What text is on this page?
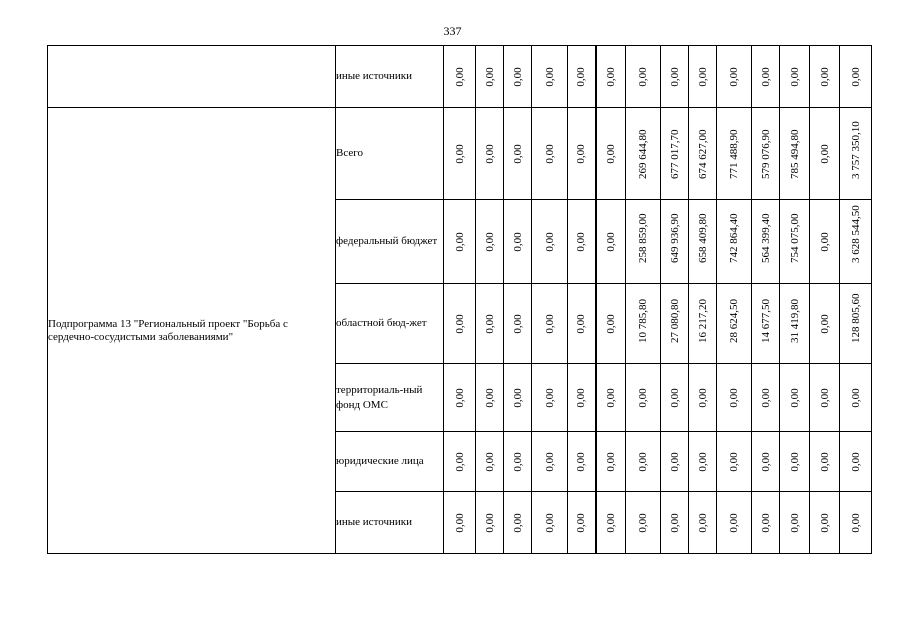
337
	иные источники	0,00	0,00	0,00	0,00	0,00	0,00	0,00	0,00	0,00	0,00	0,00	0,00	0,00	0,00

Подпрограмма 13 "Региональный проект "Борьба с сердечно-сосудистыми заболеваниями"	Всего	0,00	0,00	0,00	0,00	0,00	0,00	269 644,80	677 017,70	674 627,00	771 488,90	579 076,90	785 494,80	0,00	3 757 350,10

	федеральный бюджет	0,00	0,00	0,00	0,00	0,00	0,00	258 859,00	649 936,90	658 409,80	742 864,40	564 399,40	754 075,00	0,00	3 628 544,50

	областной бюд-жет	0,00	0,00	0,00	0,00	0,00	0,00	10 785,80	27 080,80	16 217,20	28 624,50	14 677,50	31 419,80	0,00	128 805,60

	территориаль-ный фонд ОМС	0,00	0,00	0,00	0,00	0,00	0,00	0,00	0,00	0,00	0,00	0,00	0,00	0,00	0,00

	юридические лица	0,00	0,00	0,00	0,00	0,00	0,00	0,00	0,00	0,00	0,00	0,00	0,00	0,00	0,00

	иные источники	0,00	0,00	0,00	0,00	0,00	0,00	0,00	0,00	0,00	0,00	0,00	0,00	0,00	0,00
